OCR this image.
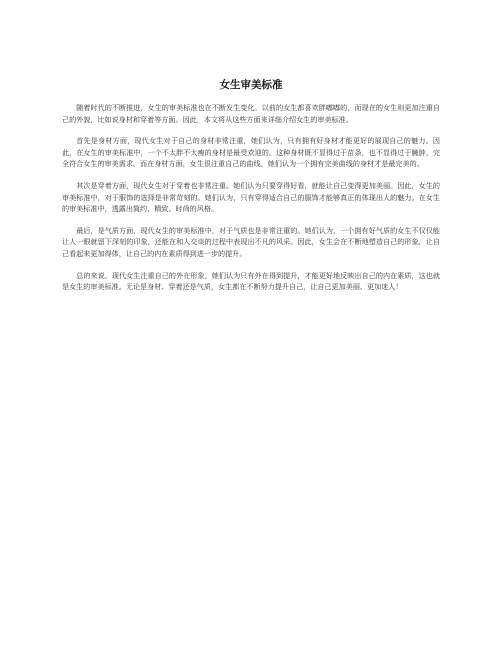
女生审美标准

随着时代的不断推进，女生的审美标准也在不断发生变化。以前的女生都喜欢胖嘟嘟的，而现在的女生则更加注重自己的外貌，比如说身材和穿着等方面。因此，本文将从这些方面来详细介绍女生的审美标准。

首先是身材方面，现代女生对于自己的身材非常注重，她们认为，只有拥有好身材才能更好的展现自己的魅力。因此，在女生的审美标准中，一个不太胖不太瘦的身材是最受欢迎的。这种身材既不显得过于苗条，也不显得过于臃肿，完全符合女生的审美需求。而在身材方面，女生很注重自己的曲线，她们认为一个拥有完美曲线的身材才是最完美的。

其次是穿着方面，现代女生对于穿着也非常注重。她们认为只要穿得好看，就能让自己变得更加美丽。因此，女生的审美标准中，对于服饰的选择是非常苛刻的。她们认为，只有穿得适合自己的服饰才能够真正的体现出人的魅力。在女生的审美标准中，透露出简约、精致、时尚的风格。

最后，是气质方面，现代女生的审美标准中，对于气质也是非常注重的。她们认为，一个拥有好气质的女生不仅仅能让人一眼就留下深刻的印象，还能在和人交谈的过程中表现出不凡的风采。因此，女生会在不断地塑造自己的形象，让自己看起来更加得体，让自己的内在素质得到进一步的提升。

总的来说，现代女生注重自己的外在形象，她们认为只有外在得到提升，才能更好地反映出自己的内在素质，这也就是女生的审美标准。无论是身材、穿着还是气质，女生都在不断努力提升自己，让自己更加美丽、更加迷人！
